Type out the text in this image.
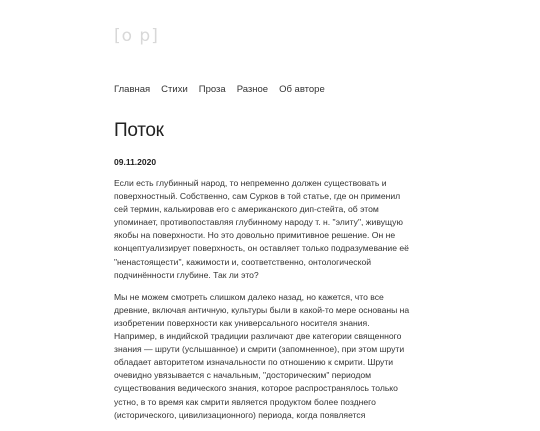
[o p]
Главная Стихи Проза Разное Об авторе
Поток
09.11.2020

Если есть глубинный народ, то непременно должен существовать и поверхностный. Собственно, сам Сурков в той статье, где он применил сей термин, калькировав его с американского дип-стейта, об этом упоминает, противопоставляя глубинному народу т. н. "элиту", живущую якобы на поверхности. Но это довольно примитивное решение. Он не концептуализирует поверхность, он оставляет только подразумевание её "ненастоящести", кажимости и, соответственно, онтологической подчинённости глубине. Так ли это?

Мы не можем смотреть слишком далеко назад, но кажется, что все древние, включая античную, культуры были в какой-то мере основаны на изобретении поверхности как универсального носителя знания. Например, в индийской традиции различают две категории священного знания — шрути (услышанное) и смрити (запомненное), при этом шрути обладает авторитетом изначальности по отношению к смрити. Шрути очевидно увязывается с начальным, "досторическим" периодом существования ведического знания, которое распространялось только устно, в то время как смрити является продуктом более позднего (исторического, цивилизационного) периода, когда появляется
